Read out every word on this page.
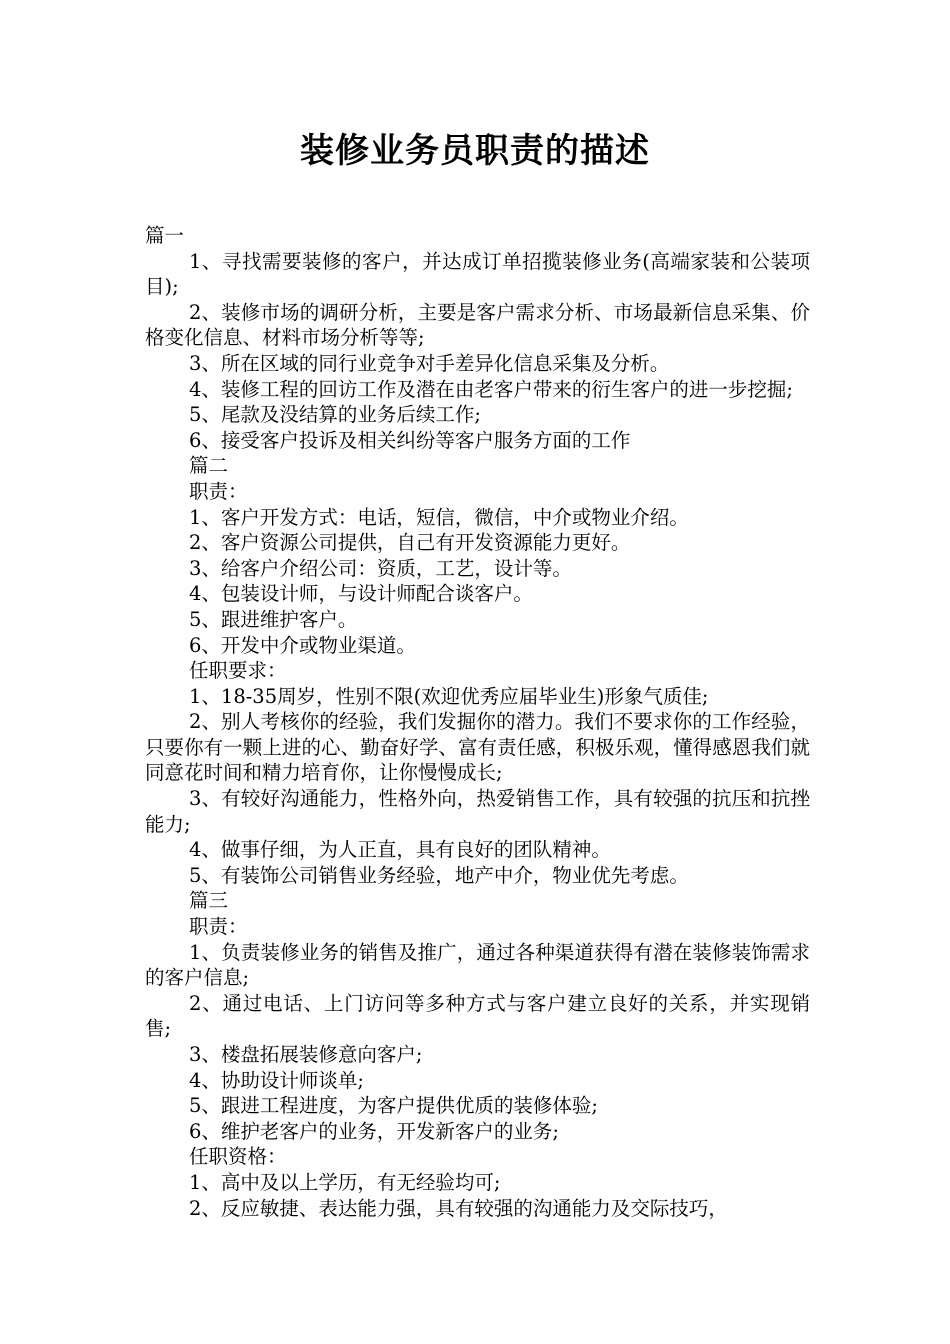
装修业务员职责的描述
篇一
1、寻找需要装修的客户，并达成订单招揽装修业务(高端家装和公装项目);
2、装修市场的调研分析，主要是客户需求分析、市场最新信息采集、价格变化信息、材料市场分析等等;
3、所在区域的同行业竞争对手差异化信息采集及分析。
4、装修工程的回访工作及潜在由老客户带来的衍生客户的进一步挖掘;
5、尾款及没结算的业务后续工作;
6、接受客户投诉及相关纠纷等客户服务方面的工作
篇二
职责：
1、客户开发方式：电话，短信，微信，中介或物业介绍。
2、客户资源公司提供，自己有开发资源能力更好。
3、给客户介绍公司：资质，工艺，设计等。
4、包装设计师，与设计师配合谈客户。
5、跟进维护客户。
6、开发中介或物业渠道。
任职要求：
1、18-35周岁，性别不限(欢迎优秀应届毕业生)形象气质佳;
2、别人考核你的经验，我们发掘你的潜力。我们不要求你的工作经验，只要你有一颗上进的心、勤奋好学、富有责任感，积极乐观，懂得感恩我们就同意花时间和精力培育你，让你慢慢成长;
3、有较好沟通能力，性格外向，热爱销售工作，具有较强的抗压和抗挫能力;
4、做事仔细，为人正直，具有良好的团队精神。
5、有装饰公司销售业务经验，地产中介，物业优先考虑。
篇三
职责：
1、负责装修业务的销售及推广，通过各种渠道获得有潜在装修装饰需求的客户信息;
2、通过电话、上门访问等多种方式与客户建立良好的关系，并实现销售;
3、楼盘拓展装修意向客户;
4、协助设计师谈单;
5、跟进工程进度，为客户提供优质的装修体验;
6、维护老客户的业务，开发新客户的业务;
任职资格：
1、高中及以上学历，有无经验均可;
2、反应敏捷、表达能力强，具有较强的沟通能力及交际技巧，
